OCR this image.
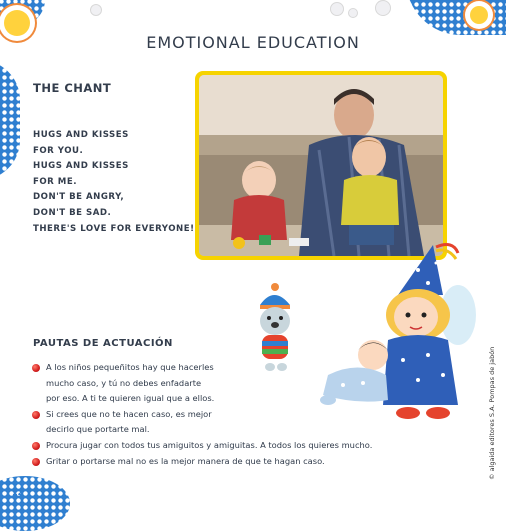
EMOTIONAL EDUCATION
THE CHANT
HUGS AND KISSES
FOR YOU.
HUGS AND KISSES
FOR ME.
DON'T BE ANGRY,
DON'T BE SAD.
THERE'S LOVE FOR EVERYONE!
PAUTAS DE ACTUACIÓN
A los niños pequeñitos hay que hacerles
mucho caso, y tú no debes enfadarte
por eso. A ti te quieren igual que a ellos.
Si crees que no te hacen caso, es mejor
decirlo que portarte mal.
Procura jugar con todos tus amiguitos y amiguitas. A todos los quieres mucho.
Gritar o portarse mal no es la mejor manera de que te hagan caso.
12
© algaida editores S.A. Pompas de jabón
